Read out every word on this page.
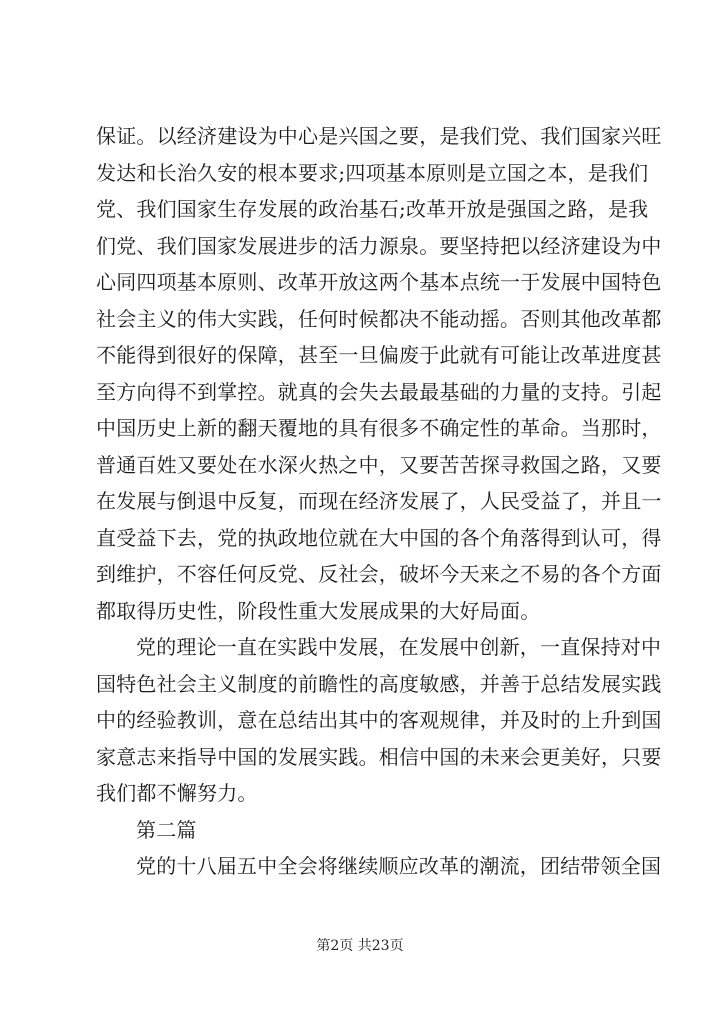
保证。以经济建设为中心是兴国之要，是我们党、我们国家兴旺
发达和长治久安的根本要求;四项基本原则是立国之本，是我们
党、我们国家生存发展的政治基石;改革开放是强国之路，是我
们党、我们国家发展进步的活力源泉。要坚持把以经济建设为中
心同四项基本原则、改革开放这两个基本点统一于发展中国特色
社会主义的伟大实践，任何时候都决不能动摇。否则其他改革都
不能得到很好的保障，甚至一旦偏废于此就有可能让改革进度甚
至方向得不到掌控。就真的会失去最最基础的力量的支持。引起
中国历史上新的翻天覆地的具有很多不确定性的革命。当那时，
普通百姓又要处在水深火热之中，又要苦苦探寻救国之路，又要
在发展与倒退中反复，而现在经济发展了，人民受益了，并且一
直受益下去，党的执政地位就在大中国的各个角落得到认可，得
到维护，不容任何反党、反社会，破坏今天来之不易的各个方面
都取得历史性，阶段性重大发展成果的大好局面。
党的理论一直在实践中发展，在发展中创新，一直保持对中
国特色社会主义制度的前瞻性的高度敏感，并善于总结发展实践
中的经验教训，意在总结出其中的客观规律，并及时的上升到国
家意志来指导中国的发展实践。相信中国的未来会更美好，只要
我们都不懈努力。
第二篇
党的十八届五中全会将继续顺应改革的潮流，团结带领全国
第2页 共23页
